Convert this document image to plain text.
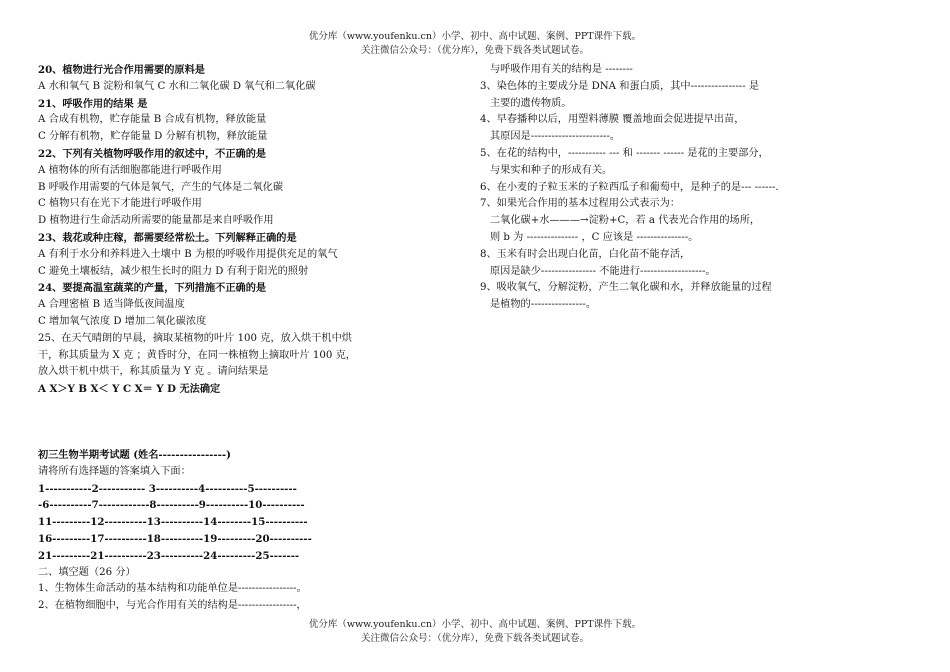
优分库（www.youfenku.cn）小学、初中、高中试题、案例、PPT课件下载。
关注微信公众号：（优分库），免费下载各类试题试卷。
20、植物进行光合作用需要的原料是
A 水和氧气 B 淀粉和氧气 C 水和二氧化碳 D 氧气和二氧化碳
21、呼吸作用的结果 是
A 合成有机物，贮存能量 B 合成有机物，释放能量
C 分解有机物，贮存能量 D 分解有机物，释放能量
22、下列有关植物呼吸作用的叙述中，不正确的是
A 植物体的所有活细胞都能进行呼吸作用
B 呼吸作用需要的气体是氧气，产生的气体是二氧化碳
C 植物只有在光下才能进行呼吸作用
D 植物进行生命活动所需要的能量都是来自呼吸作用
23、栽花或种庄稼，都需要经常松土。下列解释正确的是
A 有利于水分和养料进入土壤中 B 为根的呼吸作用提供充足的氧气
C 避免土壤板结，减少根生长时的阻力 D 有利于阳光的照射
24、要提高温室蔬菜的产量，下列措施不正确的是
A 合理密植 B 适当降低夜间温度
C 增加氧气浓度 D 增加二氧化碳浓度
25、在天气晴朗的早晨，摘取某植物的叶片 100 克，放入烘干机中烘
干，称其质量为 X 克 ；黄昏时分，在同一株植物上摘取叶片 100 克，
放入烘干机中烘干，称其质量为 Y 克 。请问结果是
A X＞Y B X＜ Y C X＝ Y D 无法确定
初三生物半期考试题 (姓名----------------)
请将所有选择题的答案填入下面：
1-----------2----------- 3----------4----------5----------
-6----------7------------8----------9----------10----------
11---------12----------13----------14--------15----------
16---------17----------18----------19---------20----------
21---------21----------23----------24---------25-------
二、填空题（26 分）
1、生物体生命活动的基本结构和功能单位是-----------------。
2、在植物细胞中，与光合作用有关的结构是-----------------，
与呼吸作用有关的结构是 --------
3、染色体的主要成分是 DNA 和蛋白质，其中---------------- 是
主要的遗传物质。
4、早春播种以后，用塑料薄膜 覆盖地面会促进提早出苗，
其原因是-----------------------。
5、在花的结构中，----------- --- 和 ------- ------ 是花的主要部分，
与果实和种子的形成有关。
6、在小麦的子粒玉米的子粒西瓜子和葡萄中，是种子的是--- ------.
7、如果光合作用的基本过程用公式表示为：
二氧化碳+水———→淀粉+C，若 a 代表光合作用的场所，
则 b 为 --------------- ，C 应该是 ---------------。
8、玉米有时会出现白化苗，白化苗不能存活，
原因是缺少---------------- 不能进行-------------------。
9、吸收氧气，分解淀粉，产生二氧化碳和水，并释放能量的过程
是植物的----------------。
优分库（www.youfenku.cn）小学、初中、高中试题、案例、PPT课件下载。
关注微信公众号：（优分库），免费下载各类试题试卷。
